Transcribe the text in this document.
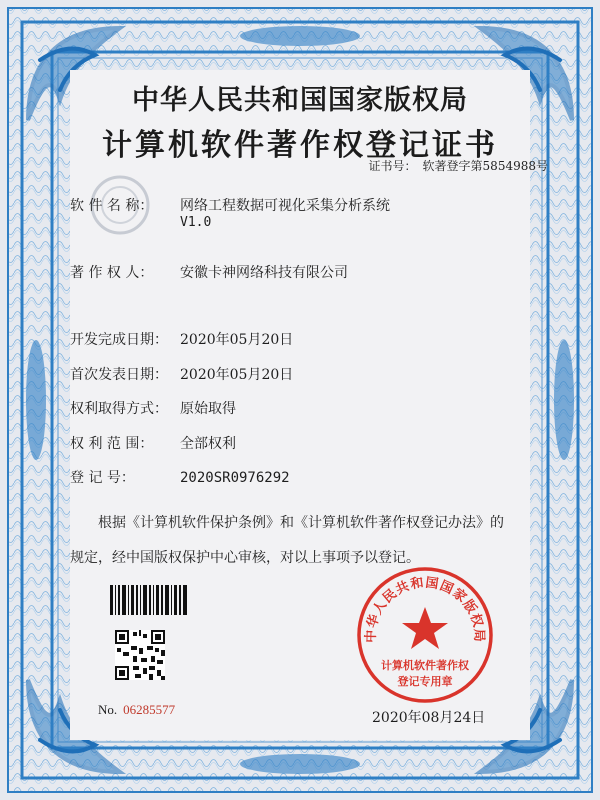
中华人民共和国国家版权局
计算机软件著作权登记证书
证书号： 软著登字第5854988号
软 件 名 称： 网络工程数据可视化采集分析系统
V1.0
著 作 权 人： 安徽卡神网络科技有限公司
开发完成日期： 2020年05月20日
首次发表日期： 2020年05月20日
权利取得方式： 原始取得
权 利 范 围： 全部权利
登 记 号：	2020SR0976292
根据《计算机软件保护条例》和《计算机软件著作权登记办法》的
规定，经中国版权保护中心审核，对以上事项予以登记。
No. 06285577
中华人民共和国国家版权局
计算机软件著作权
登记专用章
2020年08月24日
